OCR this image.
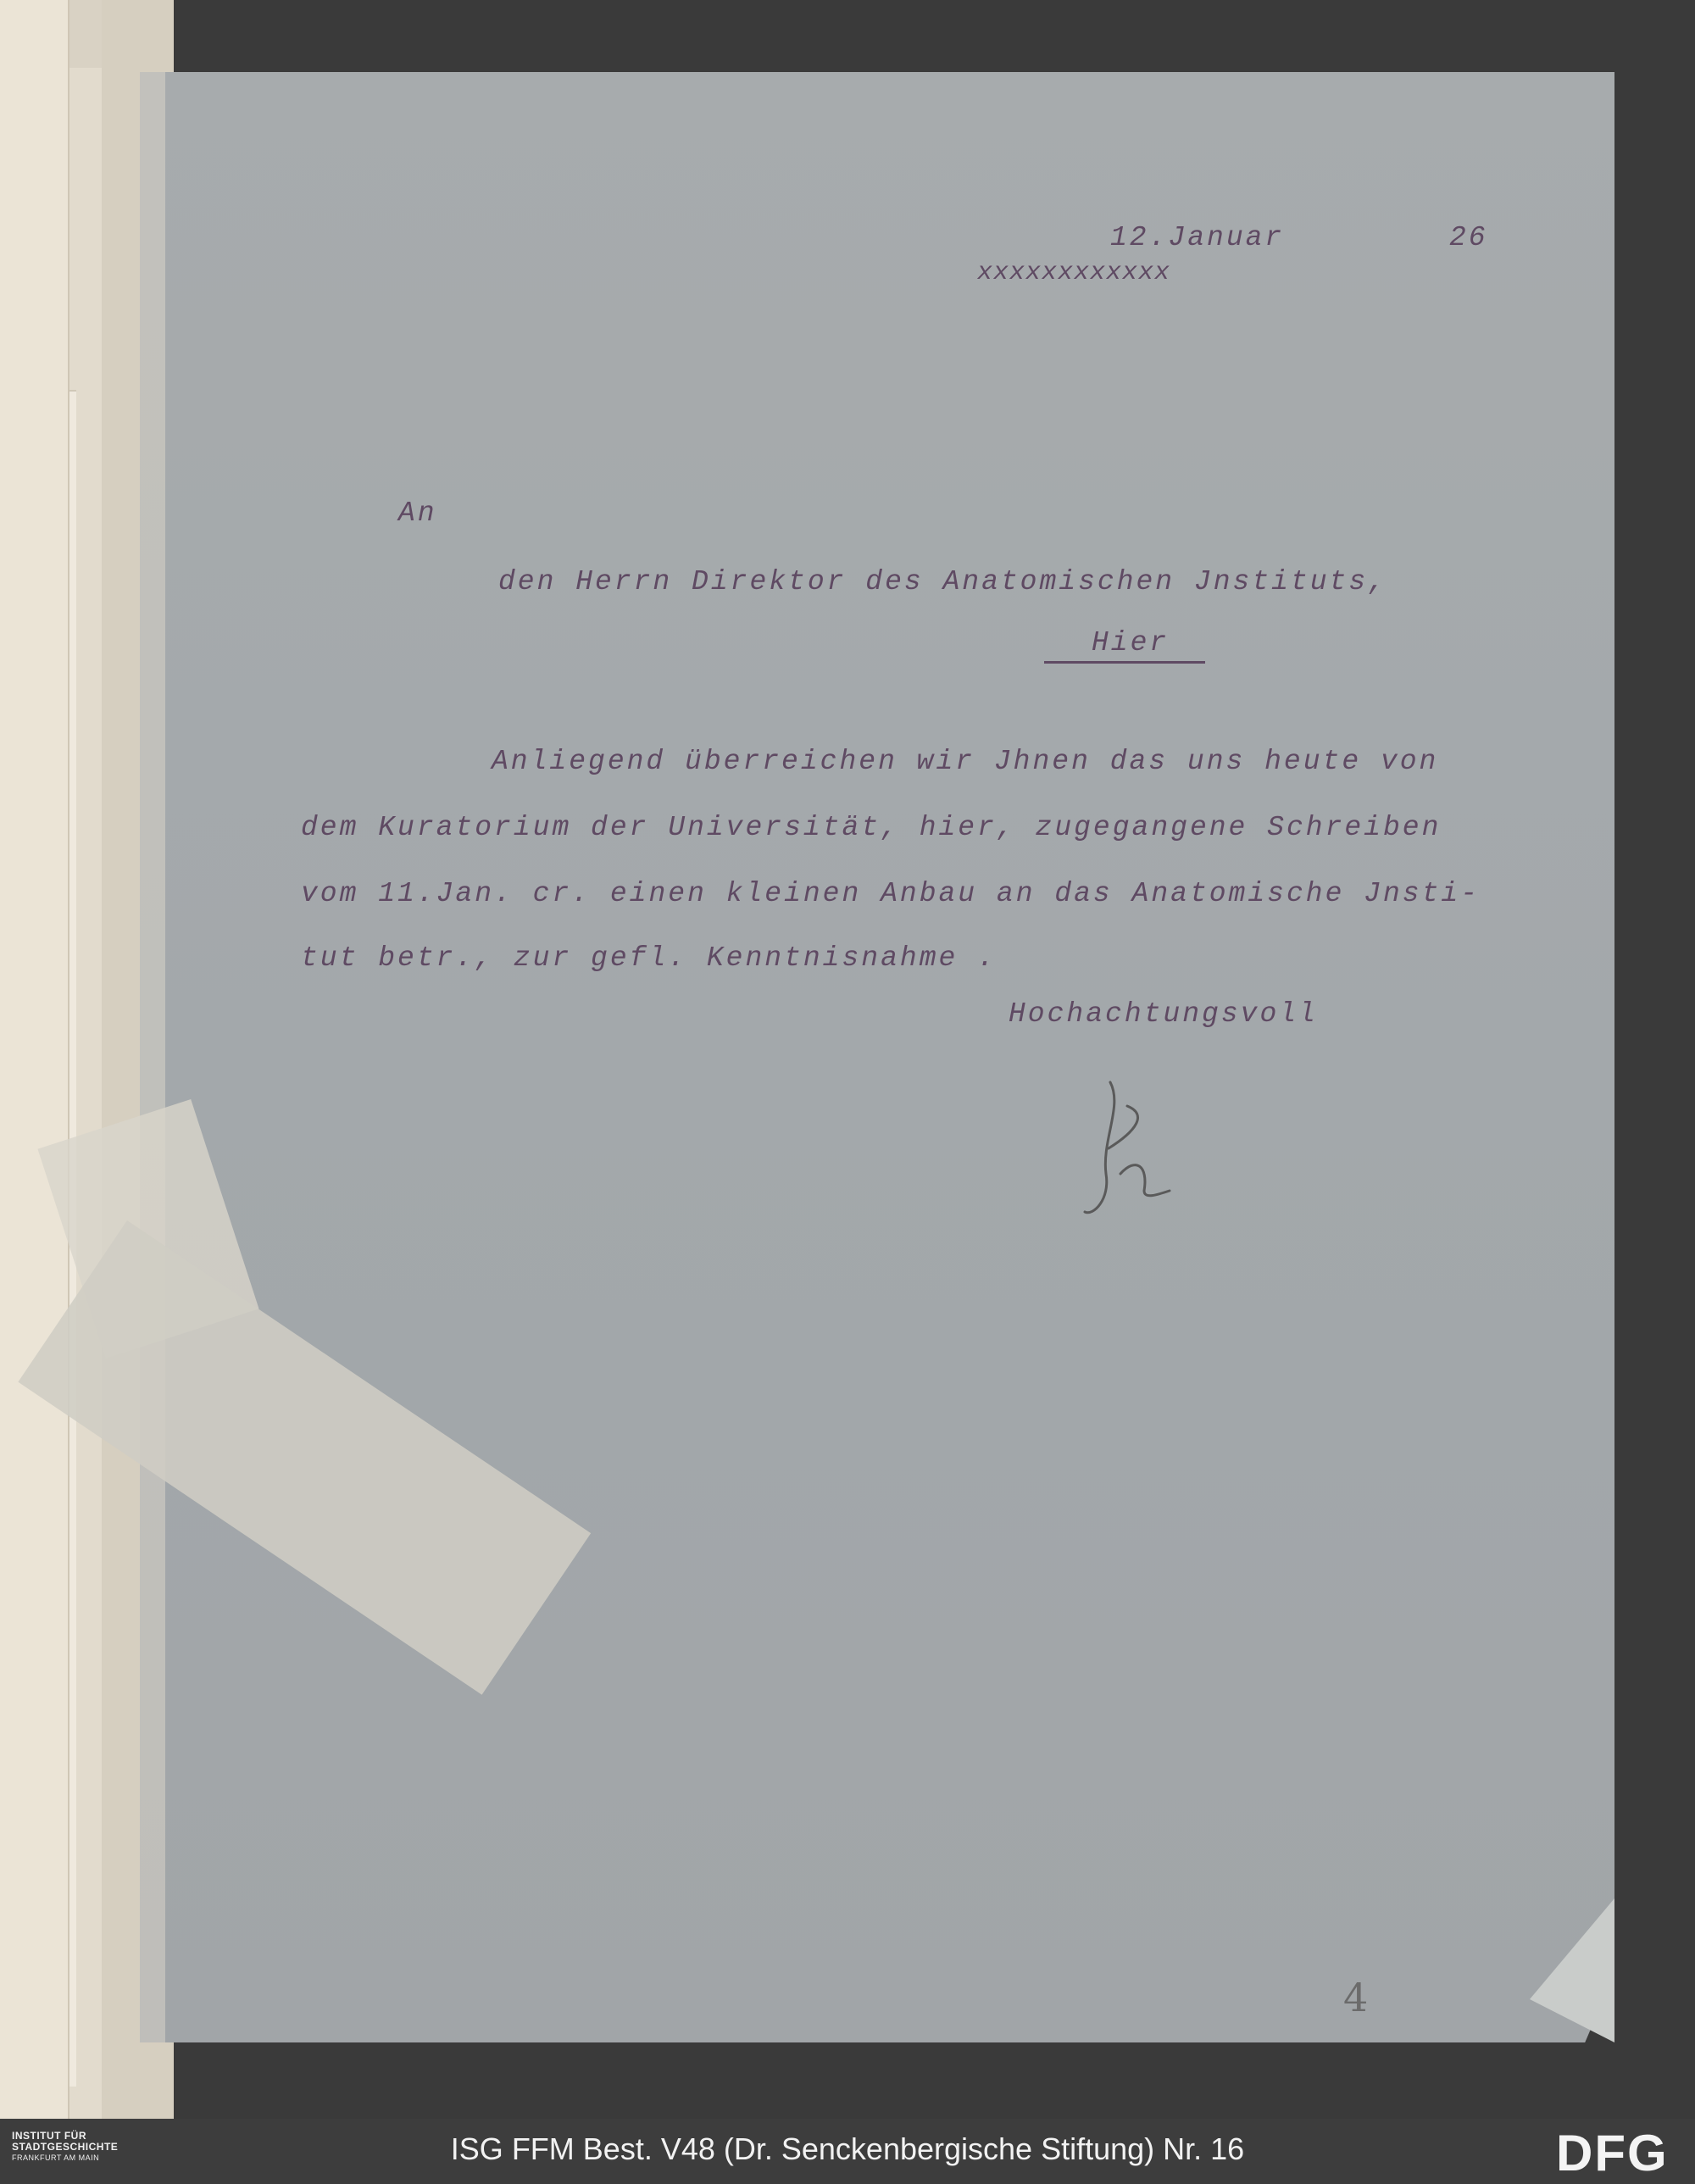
12.Januar	26
xxxxxxxxxxxx
An
den Herrn Direktor des Anatomischen Jnstituts,
Hier
Anliegend überreichen wir Jhnen das uns heute von
dem Kuratorium der Universität, hier, zugegangene Schreiben
vom 11.Jan. cr. einen kleinen Anbau an das Anatomische Jnsti-
tut betr., zur gefl. Kenntnisnahme .
Hochachtungsvoll
4
INSTITUT FÜR
STADTGESCHICHTE
FRANKFURT AM MAIN	ISG FFM Best. V48 (Dr. Senckenbergische Stiftung) Nr. 16	DFG
